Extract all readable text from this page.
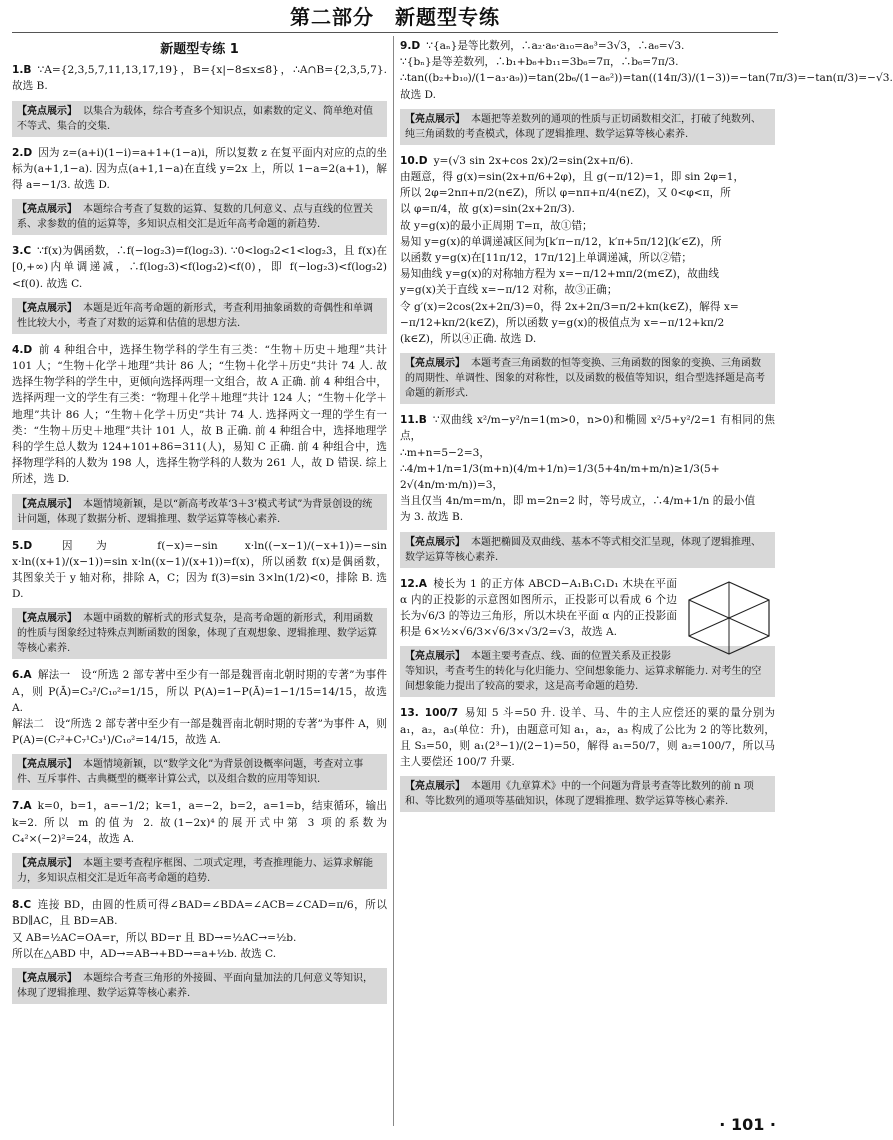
第二部分　新题型专练
新题型专练 1
1.B ∵A={2,3,5,7,11,13,17,19}，B={x|−8≤x≤8}，∴A∩B={2,3,5,7}. 故选 B.
【亮点展示】 以集合为载体，综合考查多个知识点，如素数的定义、简单绝对值不等式、集合的交集.
2.D 因为 z=(a+i)(1−i)=a+1+(1−a)i，所以复数 z 在复平面内对应的点的坐标为(a+1,1−a). 因为点(a+1,1−a)在直线 y=2x 上，所以 1−a=2(a+1)，解得 a=−1/3. 故选 D.
【亮点展示】 本题综合考查了复数的运算、复数的几何意义、点与直线的位置关系、求参数的值的运算等，多知识点相交汇是近年高考命题的新趋势.
3.C ∵f(x)为偶函数，∴f(−log₂3)=f(log₂3). ∵0<log₃2<1<log₂3，且 f(x)在[0,+∞)内单调递减，∴f(log₂3)<f(log₃2)<f(0)，即 f(−log₂3)<f(log₃2)<f(0). 故选 C.
【亮点展示】 本题是近年高考命题的新形式，考查利用抽象函数的奇偶性和单调性比较大小，考查了对数的运算和估值的思想方法.
4.D 前 4 种组合中，选择生物学科的学生有三类：“生物＋历史＋地理”共计 101 人；“生物＋化学＋地理”共计 86 人；“生物＋化学＋历史”共计 74 人. 故选择生物学科的学生中，更倾向选择两理一文组合，故 A 正确. 前 4 种组合中，选择两理一文的学生有三类：“物理＋化学＋地理”共计 124 人；“生物＋化学＋地理”共计 86 人；“生物＋化学＋历史”共计 74 人. 选择两文一理的学生有一类：“生物＋历史＋地理”共计 101 人，故 B 正确. 前 4 种组合中，选择地理学科的学生总人数为 124+101+86=311(人)，易知 C 正确. 前 4 种组合中，选择物理学科的人数为 198 人，选择生物学科的人数为 261 人，故 D 错误. 综上所述，选 D.
【亮点展示】 本题情境新颖，是以“新高考改革‘3＋3’模式考试”为背景创设的统计问题，体现了数据分析、逻辑推理、数学运算等核心素养.
5.D 因为 f(−x)=−sin x·ln((−x−1)/(−x+1))=−sin x·ln((x+1)/(x−1))=sin x·ln((x−1)/(x+1))=f(x)，所以函数 f(x)是偶函数，其图象关于 y 轴对称，排除 A，C；因为 f(3)=sin 3×ln(1/2)<0，排除 B. 选 D.
【亮点展示】 本题中函数的解析式的形式复杂，是高考命题的新形式，利用函数的性质与图象经过特殊点判断函数的图象，体现了直观想象、逻辑推理、数学运算等核心素养.
6.A 解法一　设“所选 2 部专著中至少有一部是魏晋南北朝时期的专著”为事件 A，则 P(Ā)=C₃²/C₁₀²=1/15，所以 P(A)=1−P(Ā)=1−1/15=14/15，故选 A.
解法二　设“所选 2 部专著中至少有一部是魏晋南北朝时期的专著”为事件 A，则 P(A)=(C₇²+C₇¹C₃¹)/C₁₀²=14/15，故选 A.
【亮点展示】 本题情境新颖，以“数学文化”为背景创设概率问题，考查对立事件、互斥事件、古典概型的概率计算公式，以及组合数的应用等知识.
7.A k=0，b=1，a=−1/2；k=1，a=−2，b=2，a=1=b，结束循环，输出 k=2. 所以 m 的值为 2. 故(1−2x)⁴的展开式中第 3 项的系数为 C₄²×(−2)²=24，故选 A.
【亮点展示】 本题主要考查程序框图、二项式定理，考查推理能力、运算求解能力，多知识点相交汇是近年高考命题的趋势.
8.C 连接 BD，由圆的性质可得∠BAD=∠BDA=∠ACB=∠CAD=π/6，所以 BD∥AC，且 BD=AB.
又 AB=½AC=OA=r，所以 BD=r 且 BD→=½AC→=½b.
所以在△ABD 中，AD→=AB→+BD→=a+½b. 故选 C.
【亮点展示】 本题综合考查三角形的外接圆、平面向量加法的几何意义等知识，体现了逻辑推理、数学运算等核心素养.
9.D ∵{aₙ}是等比数列，∴a₂·a₆·a₁₀=a₆³=3√3，∴a₆=√3.
∵{bₙ}是等差数列，∴b₁+b₆+b₁₁=3b₆=7π，∴b₆=7π/3.
∴tan((b₂+b₁₀)/(1−a₃·a₉))=tan(2b₆/(1−a₆²))=tan((14π/3)/(1−3))=−tan(7π/3)=−tan(π/3)=−√3.
故选 D.
【亮点展示】 本题把等差数列的通项的性质与正切函数相交汇，打破了纯数列、纯三角函数的考查模式，体现了逻辑推理、数学运算等核心素养.
10.D y=(√3 sin 2x+cos 2x)/2=sin(2x+π/6).
由题意，得 g(x)=sin(2x+π/6+2φ)，且 g(−π/12)=1，即 sin 2φ=1，
所以 2φ=2nπ+π/2(n∈Z)，所以 φ=nπ+π/4(n∈Z)，又 0<φ<π，所
以 φ=π/4，故 g(x)=sin(2x+2π/3).
故 y=g(x)的最小正周期 T=π，故①错；
易知 y=g(x)的单调递减区间为[k′π−π/12，k′π+5π/12](k′∈Z)，所
以函数 y=g(x)在[11π/12，17π/12]上单调递减，所以②错；
易知曲线 y=g(x)的对称轴方程为 x=−π/12+mπ/2(m∈Z)，故曲线
y=g(x)关于直线 x=−π/12 对称，故③正确；
令 g′(x)=2cos(2x+2π/3)=0，得 2x+2π/3=π/2+kπ(k∈Z)，解得 x=
−π/12+kπ/2(k∈Z)，所以函数 y=g(x)的极值点为 x=−π/12+kπ/2
(k∈Z)，所以④正确. 故选 D.
【亮点展示】 本题考查三角函数的恒等变换、三角函数的图象的变换、三角函数的周期性、单调性、图象的对称性，以及函数的极值等知识，组合型选择题是高考命题的新形式.
11.B ∵双曲线 x²/m−y²/n=1(m>0，n>0)和椭圆 x²/5+y²/2=1 有相同的焦点，
∴m+n=5−2=3，
∴4/m+1/n=1/3(m+n)(4/m+1/n)=1/3(5+4n/m+m/n)≥1/3(5+
2√(4n/m·m/n))=3，
当且仅当 4n/m=m/n，即 m=2n=2 时，等号成立，∴4/m+1/n 的最小值
为 3. 故选 B.
【亮点展示】 本题把椭圆及双曲线、基本不等式相交汇呈现，体现了逻辑推理、数学运算等核心素养.
12.A 棱长为 1 的正方体 ABCD−A₁B₁C₁D₁ 木块在平面 α 内的正投影的示意图如图所示，正投影可以看成 6 个边长为√6/3 的等边三角形，所以木块在平面 α 内的正投影面积是 6×½×√6/3×√6/3×√3/2=√3，故选 A.
【亮点展示】 本题主要考查点、线、面的位置关系及正投影等知识，考查考生的转化与化归能力、空间想象能力、运算求解能力. 对考生的空间想象能力提出了较高的要求，这是高考命题的趋势.
13. 100/7 易知 5 斗=50 升. 设羊、马、牛的主人应偿还的粟的量分别为 a₁，a₂，a₃(单位：升)，由题意可知 a₁，a₂，a₃ 构成了公比为 2 的等比数列，且 S₃=50，则 a₁(2³−1)/(2−1)=50，解得 a₁=50/7，则 a₂=100/7，所以马主人要偿还 100/7 升粟.
【亮点展示】 本题用《九章算术》中的一个问题为背景考查等比数列的前 n 项和、等比数列的通项等基础知识，体现了逻辑推理、数学运算等核心素养.
· 101 ·
